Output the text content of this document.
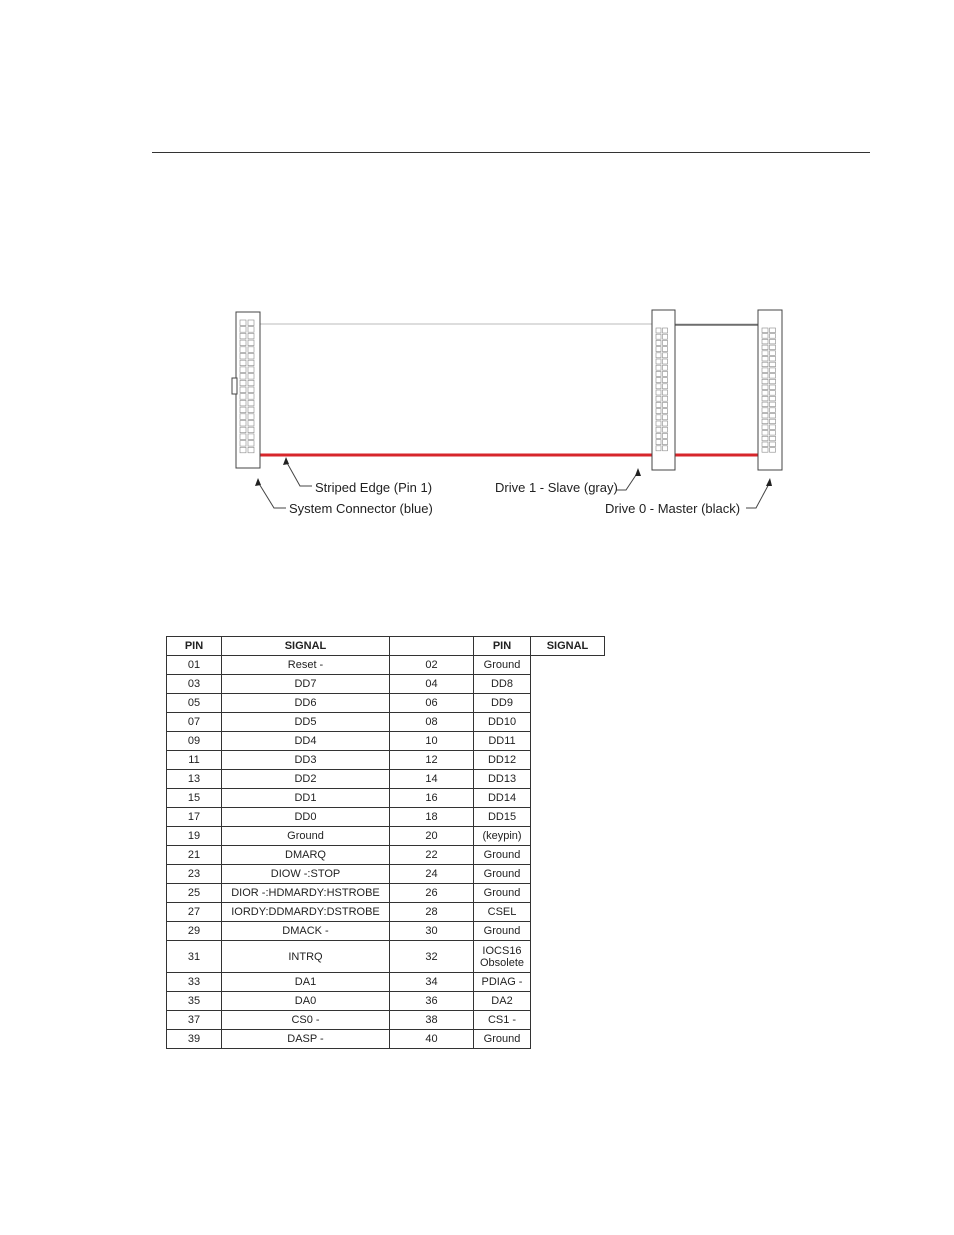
Striped Edge (Pin 1)
System Connector (blue)
Drive 1 - Slave (gray)
Drive 0 - Master (black)
PIN	SIGNAL		PIN	SIGNAL
01	Reset -	02	Ground	
03	DD7	04	DD8	
05	DD6	06	DD9	
07	DD5	08	DD10	
09	DD4	10	DD11	
11	DD3	12	DD12	
13	DD2	14	DD13	
15	DD1	16	DD14	
17	DD0	18	DD15	
19	Ground	20	(keypin)	
21	DMARQ	22	Ground	
23	DIOW -:STOP	24	Ground	
25	DIOR -:HDMARDY:HSTROBE	26	Ground	
27	IORDY:DDMARDY:DSTROBE	28	CSEL	
29	DMACK -	30	Ground	
31	INTRQ	32	IOCS16
Obsolete	
33	DA1	34	PDIAG -	
35	DA0	36	DA2	
37	CS0 -	38	CS1 -	
39	DASP -	40	Ground	
